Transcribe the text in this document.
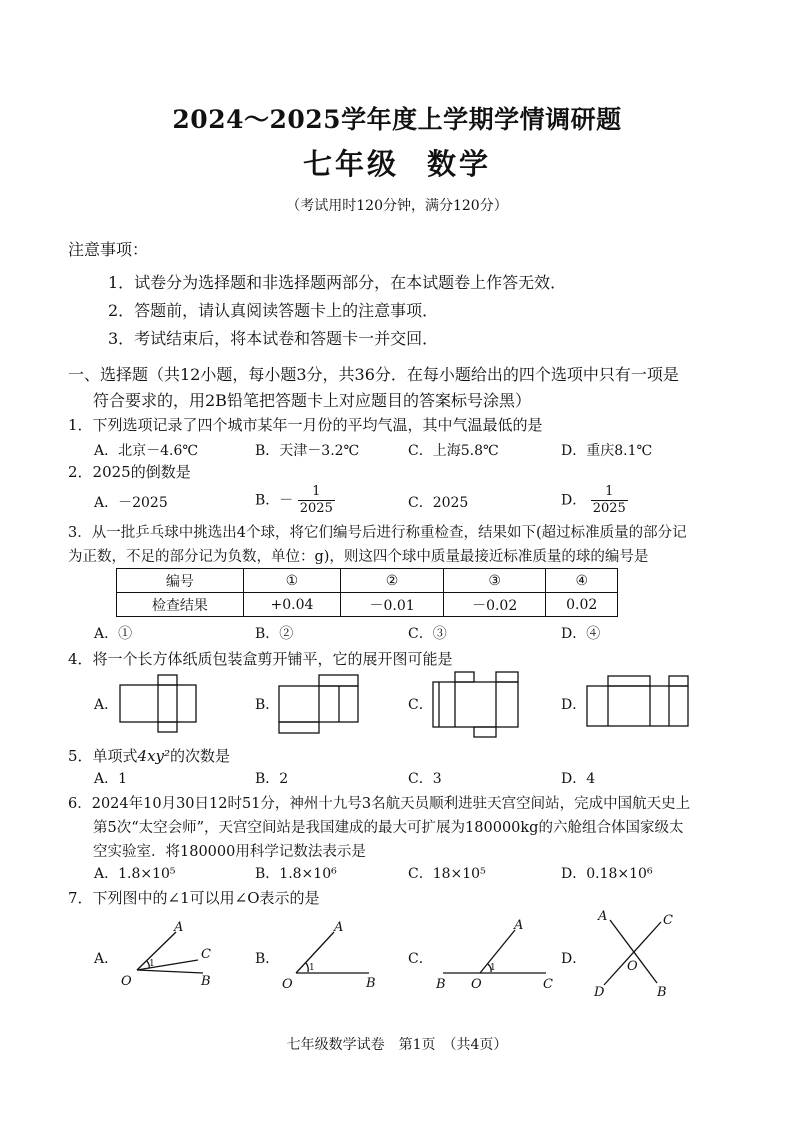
2024～2025学年度上学期学情调研题
七年级 数学
（考试用时120分钟，满分120分）
注意事项：
1．试卷分为选择题和非选择题两部分，在本试题卷上作答无效．
2．答题前，请认真阅读答题卡上的注意事项．
3．考试结束后，将本试卷和答题卡一并交回．
一、选择题（共12小题，每小题3分，共36分．在每小题给出的四个选项中只有一项是
符合要求的，用2B铅笔把答题卡上对应题目的答案标号涂黑）
1．下列选项记录了四个城市某年一月份的平均气温，其中气温最低的是
A．北京－4.6℃	B．天津－3.2℃	C．上海5.8℃	D．重庆8.1℃
2．2025的倒数是
A．－2025	B．－ $\frac{1}{2025}$	C．2025	D． $\frac{1}{2025}$
3．从一批乒乓球中挑选出4个球，将它们编号后进行称重检查，结果如下(超过标准质量的部分记
为正数，不足的部分记为负数，单位：g)，则这四个球中质量最接近标准质量的球的编号是
编号	①	②	③	④
检查结果	+0.04	－0.01	－0.02	0.02
A．①	B．②	C．③	D．④
4．将一个长方体纸质包装盒剪开铺平，它的展开图可能是
A．	B．	C．	D．
5．单项式4xy²的次数是
A．1	B．2	C．3	D．4
6．2024年10月30日12时51分，神州十九号3名航天员顺利进驻天宫空间站，完成中国航天史上
第5次“太空会师”，天宫空间站是我国建成的最大可扩展为180000kg的六舱组合体国家级太
空实验室．将180000用科学记数法表示是
A．1.8×10⁵	B．1.8×10⁶	C．18×10⁵	D．0.18×10⁶
7．下列图中的∠1可以用∠O表示的是
A．	B．	C．	D．
A
C
B
O
1
A
B
O
1
A
B O	C
1
A	C
O
D	B
七年级数学试卷　第1页　（共4页）
